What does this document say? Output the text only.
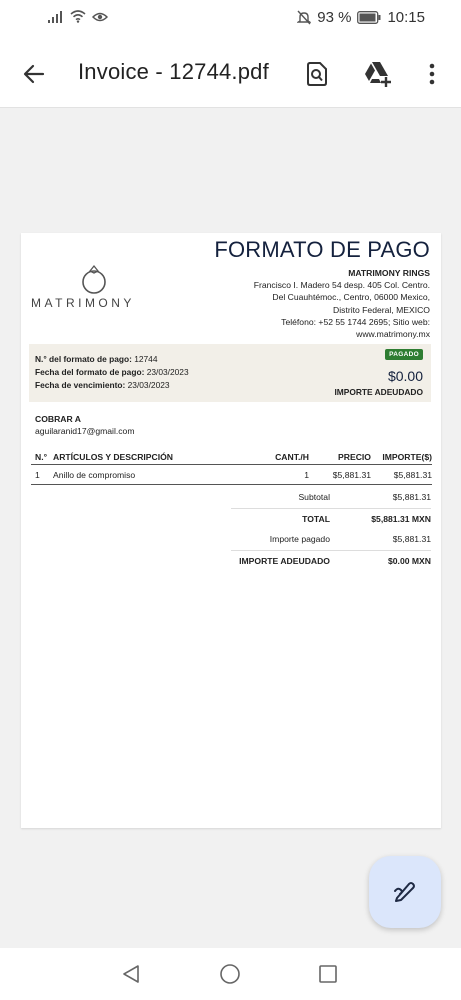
93 % 10:15
Invoice - 12744.pdf
FORMATO DE PAGO
MATRIMONY
MATRIMONY RINGS
Francisco I. Madero 54 desp. 405 Col. Centro.
Del Cuauhtémoc., Centro, 06000 Mexico,
Distrito Federal, MEXICO
Teléfono: +52 55 1744 2695; Sitio web:
www.matrimony.mx
N.° del formato de pago: 12744
Fecha del formato de pago: 23/03/2023
Fecha de vencimiento: 23/03/2023
PAGADO
$0.00
IMPORTE ADEUDADO
COBRAR A
aguilaranid17@gmail.com
N.° ARTÍCULOS Y DESCRIPCIÓN	CANT./H	PRECIO IMPORTE($)
1 Anillo de compromiso	1	$5,881.31	$5,881.31
Subtotal	$5,881.31
TOTAL	$5,881.31 MXN
Importe pagado	$5,881.31
IMPORTE ADEUDADO	$0.00 MXN
